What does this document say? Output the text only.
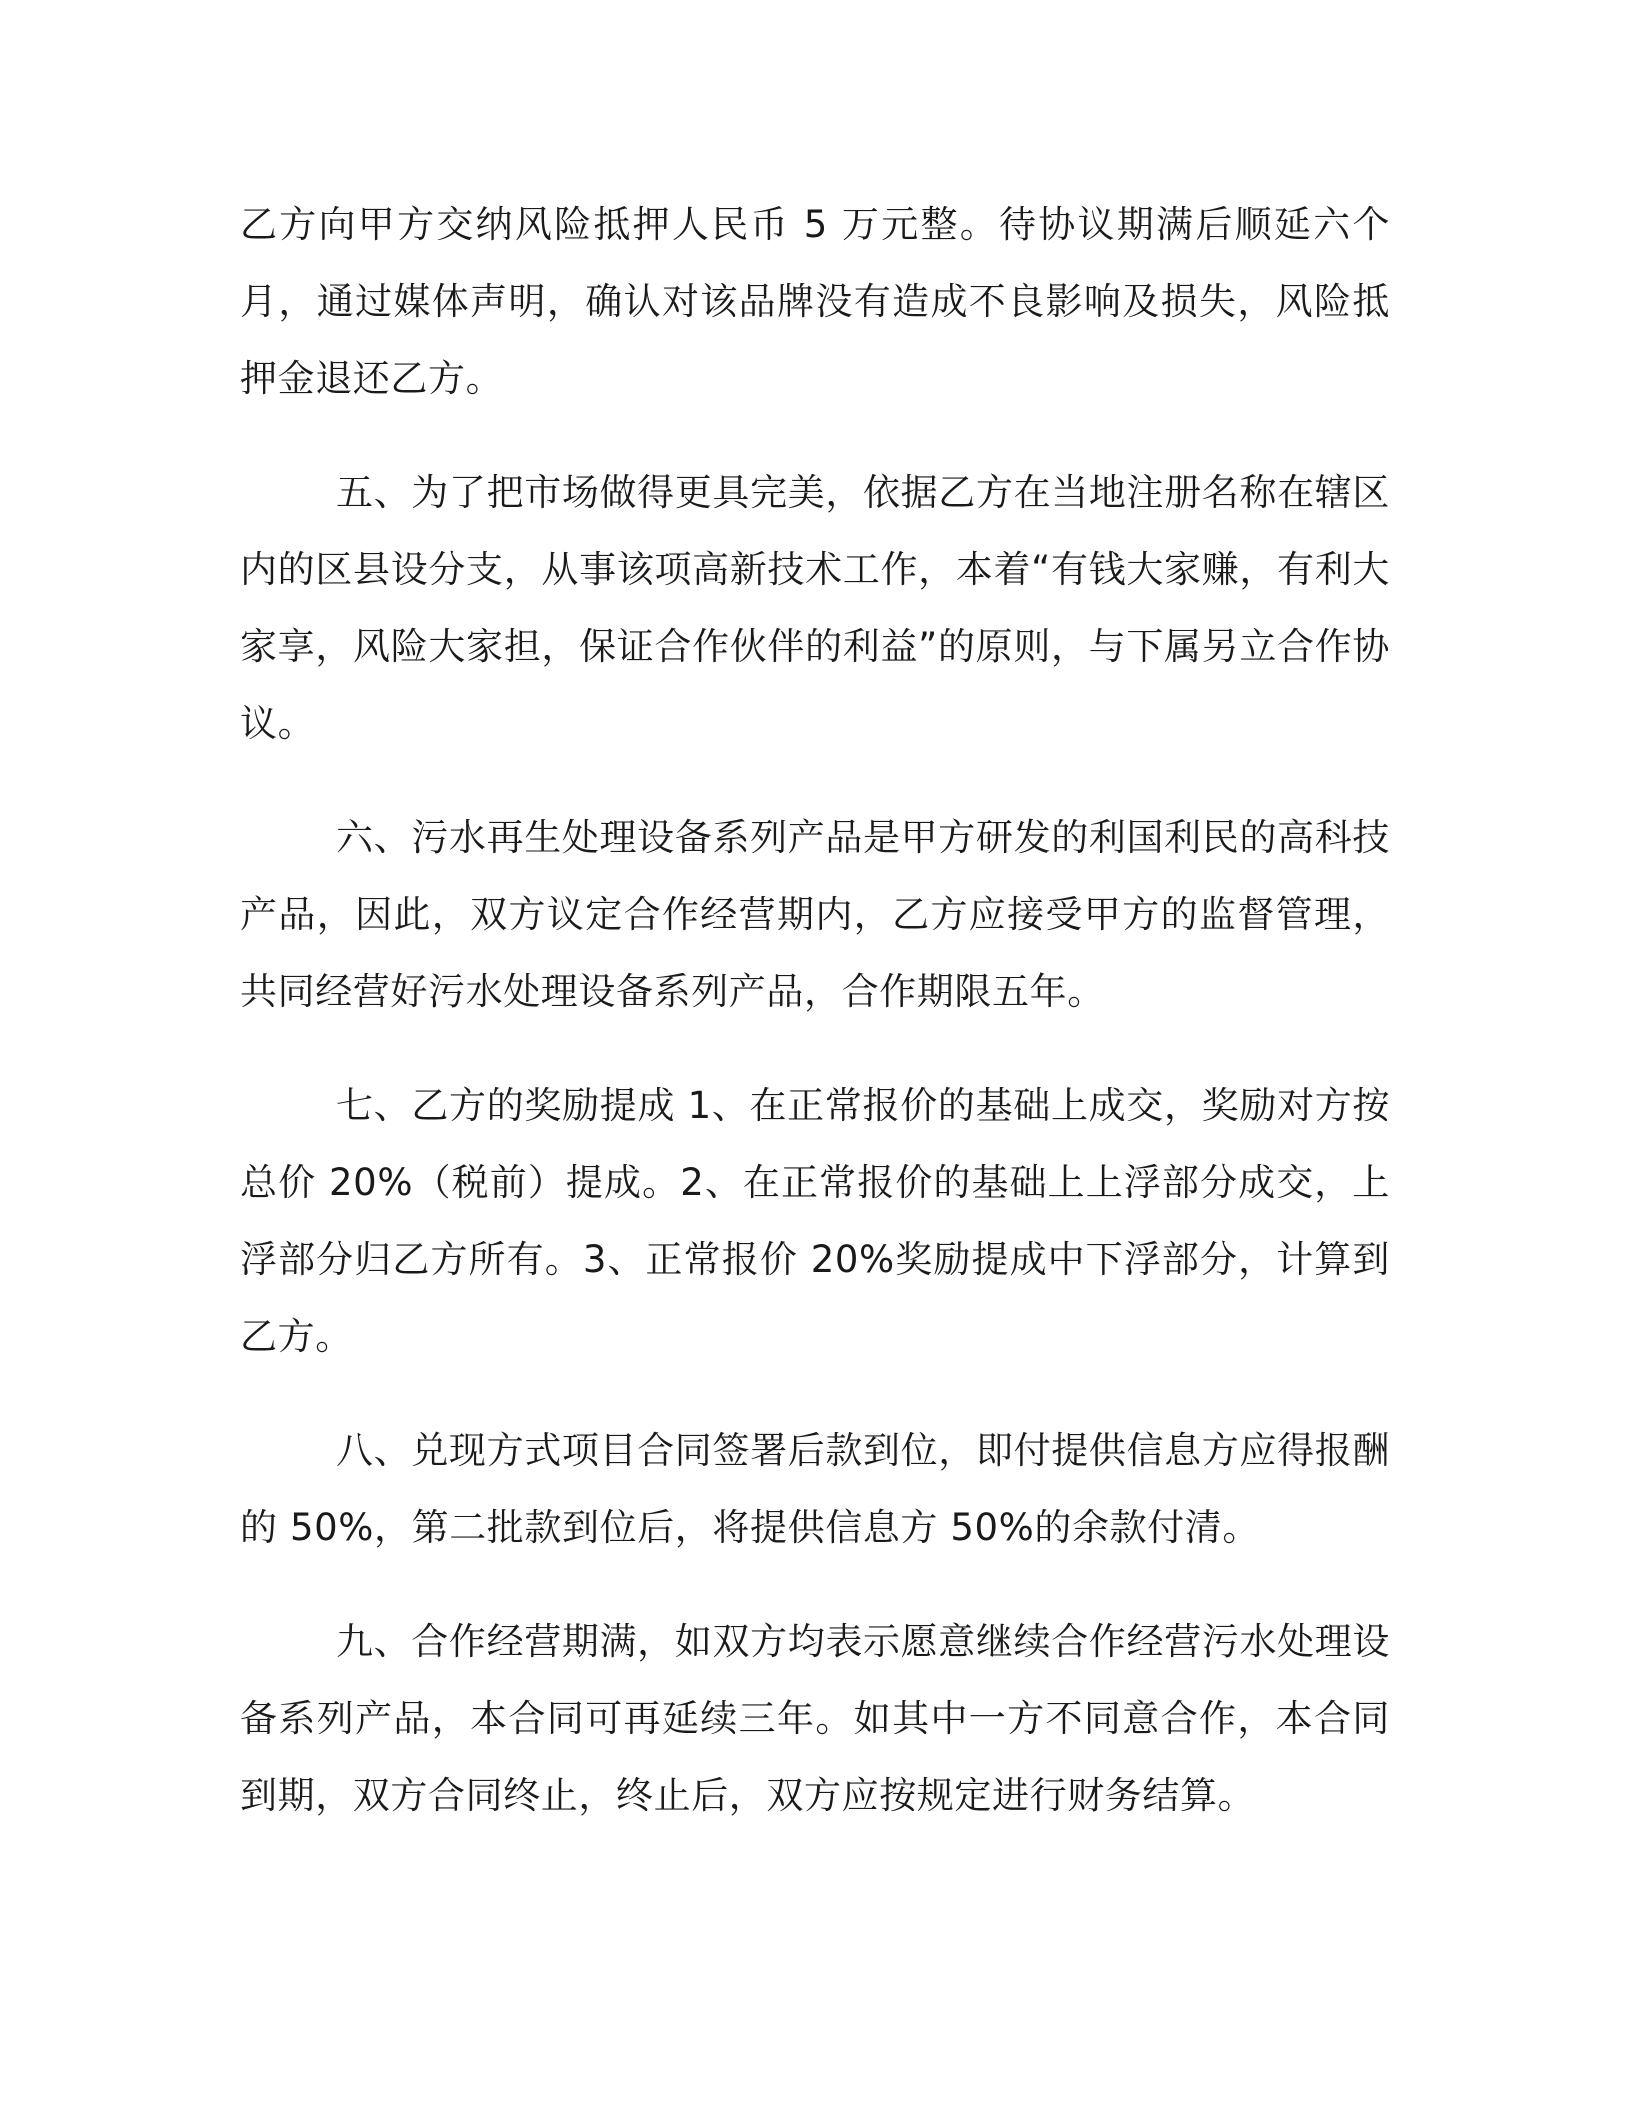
乙方向甲方交纳风险抵押人民币 5 万元整。待协议期满后顺延六个月，通过媒体声明，确认对该品牌没有造成不良影响及损失，风险抵押金退还乙方。

五、为了把市场做得更具完美，依据乙方在当地注册名称在辖区内的区县设分支，从事该项高新技术工作，本着“有钱大家赚，有利大家享，风险大家担，保证合作伙伴的利益”的原则，与下属另立合作协议。

六、污水再生处理设备系列产品是甲方研发的利国利民的高科技产品，因此，双方议定合作经营期内，乙方应接受甲方的监督管理，共同经营好污水处理设备系列产品，合作期限五年。

七、乙方的奖励提成 1、在正常报价的基础上成交，奖励对方按总价 20%（税前）提成。2、在正常报价的基础上上浮部分成交，上浮部分归乙方所有。3、正常报价 20%奖励提成中下浮部分，计算到乙方。

八、兑现方式项目合同签署后款到位，即付提供信息方应得报酬的 50%，第二批款到位后，将提供信息方 50%的余款付清。

九、合作经营期满，如双方均表示愿意继续合作经营污水处理设备系列产品，本合同可再延续三年。如其中一方不同意合作，本合同到期，双方合同终止，终止后，双方应按规定进行财务结算。
